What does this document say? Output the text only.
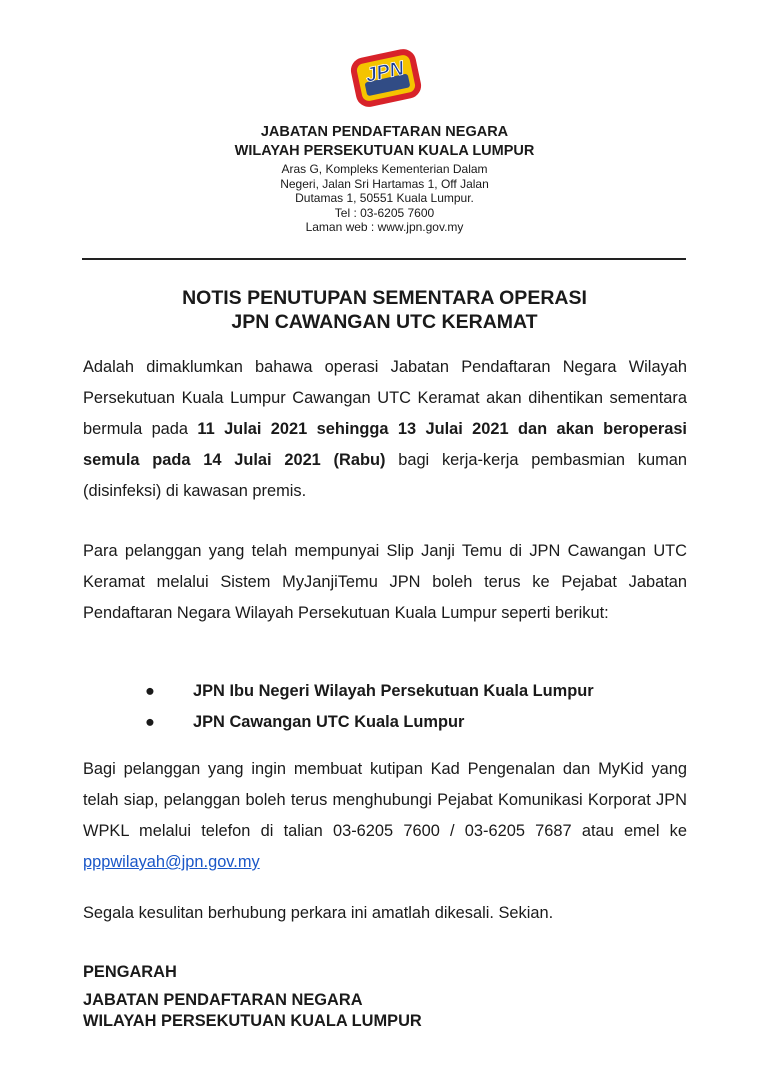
JPN
JABATAN PENDAFTARAN NEGARA
WILAYAH PERSEKUTUAN KUALA LUMPUR
Aras G, Kompleks Kementerian Dalam
Negeri, Jalan Sri Hartamas 1, Off Jalan
Dutamas 1, 50551 Kuala Lumpur.
Tel : 03-6205 7600
Laman web : www.jpn.gov.my
NOTIS PENUTUPAN SEMENTARA OPERASI
JPN CAWANGAN UTC KERAMAT

Adalah dimaklumkan bahawa operasi Jabatan Pendaftaran Negara Wilayah Persekutuan Kuala Lumpur Cawangan UTC Keramat akan dihentikan sementara bermula pada 11 Julai 2021 sehingga 13 Julai 2021 dan akan beroperasi semula pada 14 Julai 2021 (Rabu) bagi kerja-kerja pembasmian kuman (disinfeksi) di kawasan premis.

Para pelanggan yang telah mempunyai Slip Janji Temu di JPN Cawangan UTC Keramat melalui Sistem MyJanjiTemu JPN boleh terus ke Pejabat Jabatan Pendaftaran Negara Wilayah Persekutuan Kuala Lumpur seperti berikut:

● JPN Ibu Negeri Wilayah Persekutuan Kuala Lumpur
● JPN Cawangan UTC Kuala Lumpur

Bagi pelanggan yang ingin membuat kutipan Kad Pengenalan dan MyKid yang telah siap, pelanggan boleh terus menghubungi Pejabat Komunikasi Korporat JPN WPKL melalui telefon di talian 03-6205 7600 / 03-6205 7687 atau emel ke pppwilayah@jpn.gov.my

Segala kesulitan berhubung perkara ini amatlah dikesali. Sekian.

PENGARAH
JABATAN PENDAFTARAN NEGARA
WILAYAH PERSEKUTUAN KUALA LUMPUR
